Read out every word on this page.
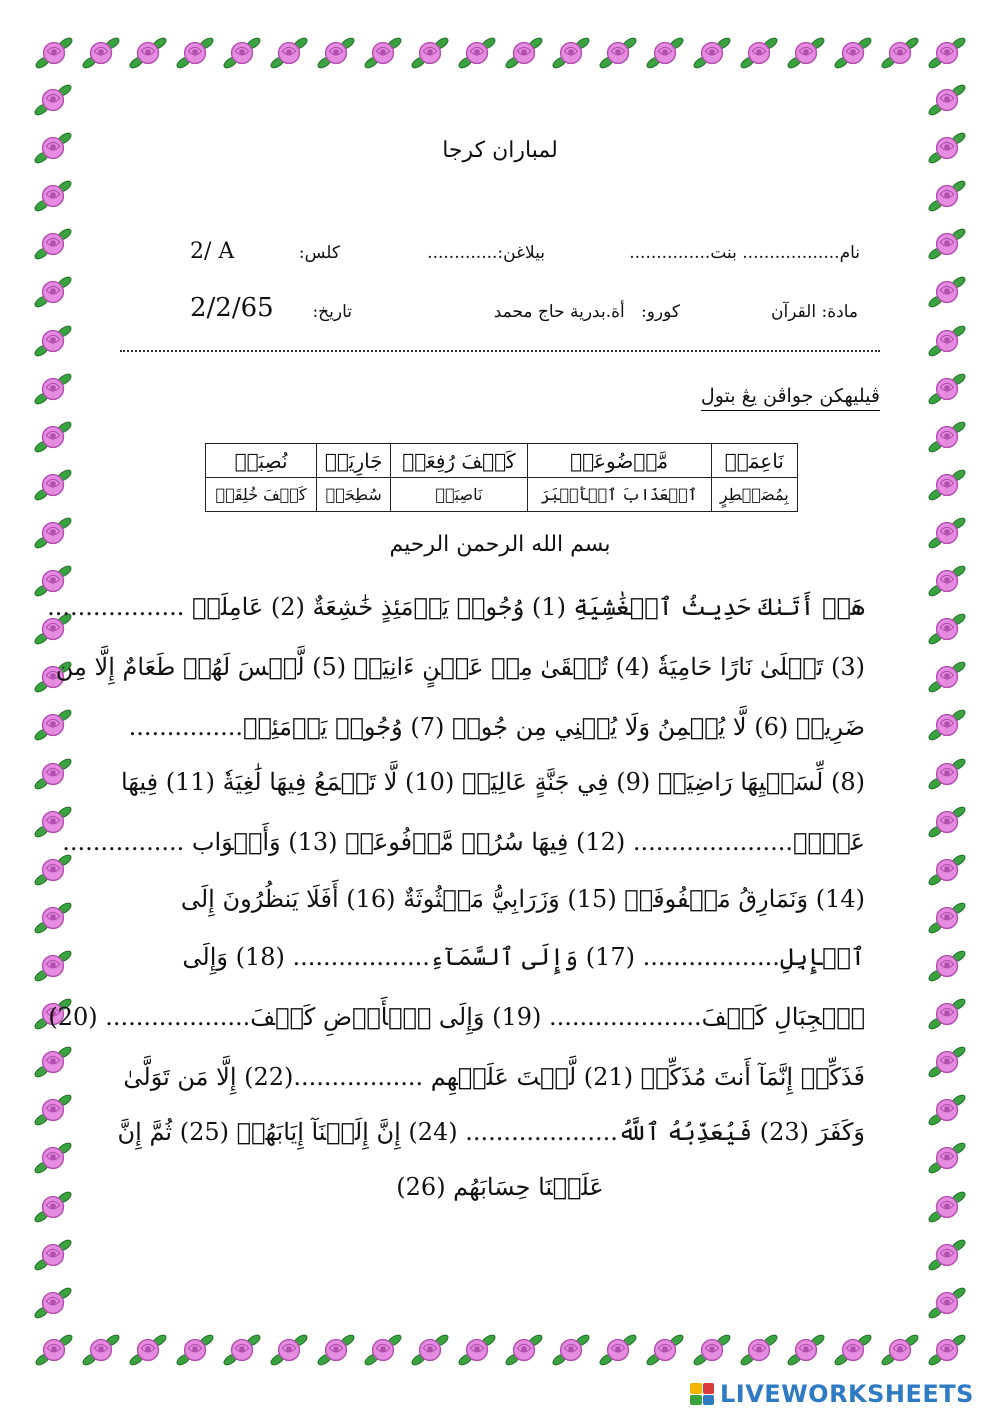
لمباران كرجا
نام.................. بنت...............
بيلاغن:.............
كلس:
2/ A
مادة: القرآن
كورو:   أة.بدرية حاج محمد
تاريخ:
2/2/65
ڤيليهكن جواڤن يڠ بتول
نَاعِمَةٞ	مَّوۡضُوعَةٞ	كَيۡفَ رُفِعَتۡ	جَارِيَةٞ	نُصِبَتۡ
بِمُصَيۡطِرٍ	ٱلۡعَذَابَ ٱلۡأَكۡبَرَ	نَاصِبَةٞ	سُطِحَتۡ	كَيۡفَ خُلِقَتۡ
بسم الله الرحمن الرحيم
هَلۡ أَتَىٰكَ حَدِيثُ ٱلۡغَٰشِيَةِ (1) وُجُوهٞ يَوۡمَئِذٍ خَٰشِعَةٌ (2) عَامِلَةٞ ..................
(3) تَصۡلَىٰ نَارًا حَامِيَةٗ (4) تُسۡقَىٰ مِنۡ عَيۡنٍ ءَانِيَةٖ (5) لَّيۡسَ لَهُمۡ طَعَامٌ إِلَّا مِن
ضَرِيعٖ (6) لَّا يُسۡمِنُ وَلَا يُغۡنِي مِن جُوعٖ (7) وُجُوهٞ يَوۡمَئِذٖ...............
(8) لِّسَعۡيِهَا رَاضِيَةٞ (9) فِي جَنَّةٍ عَالِيَةٖ (10) لَّا تَسۡمَعُ فِيهَا لَٰغِيَةٗ (11) فِيهَا
عَيۡنٞ..................... (12) فِيهَا سُرُرٞ مَّرۡفُوعَةٞ (13) وَأَكۡوَاب ................
(14) وَنَمَارِقُ مَصۡفُوفَةٞ (15) وَزَرَابِيُّ مَبۡثُوثَةٌ (16) أَفَلَا يَنظُرُونَ إِلَى
ٱلۡإِبِلِ.................. (17) وَإِلَى ٱلسَّمَآءِ.................. (18) وَإِلَى
ٱلۡجِبَالِ كَيۡفَ.................... (19) وَإِلَى ٱلۡأَرۡضِ كَيۡفَ................... (20)
فَذَكِّرۡ إِنَّمَآ أَنتَ مُذَكِّرٞ (21) لَّسۡتَ عَلَيۡهِم .................(22) إِلَّا مَن تَوَلَّىٰ
وَكَفَرَ (23) فَيُعَذِّبُهُ ٱللَّهُ.................... (24) إِنَّ إِلَيۡنَآ إِيَابَهُمۡ (25) ثُمَّ إِنَّ
عَلَيۡنَا حِسَابَهُم (26)
LIVEWORKSHEETS
